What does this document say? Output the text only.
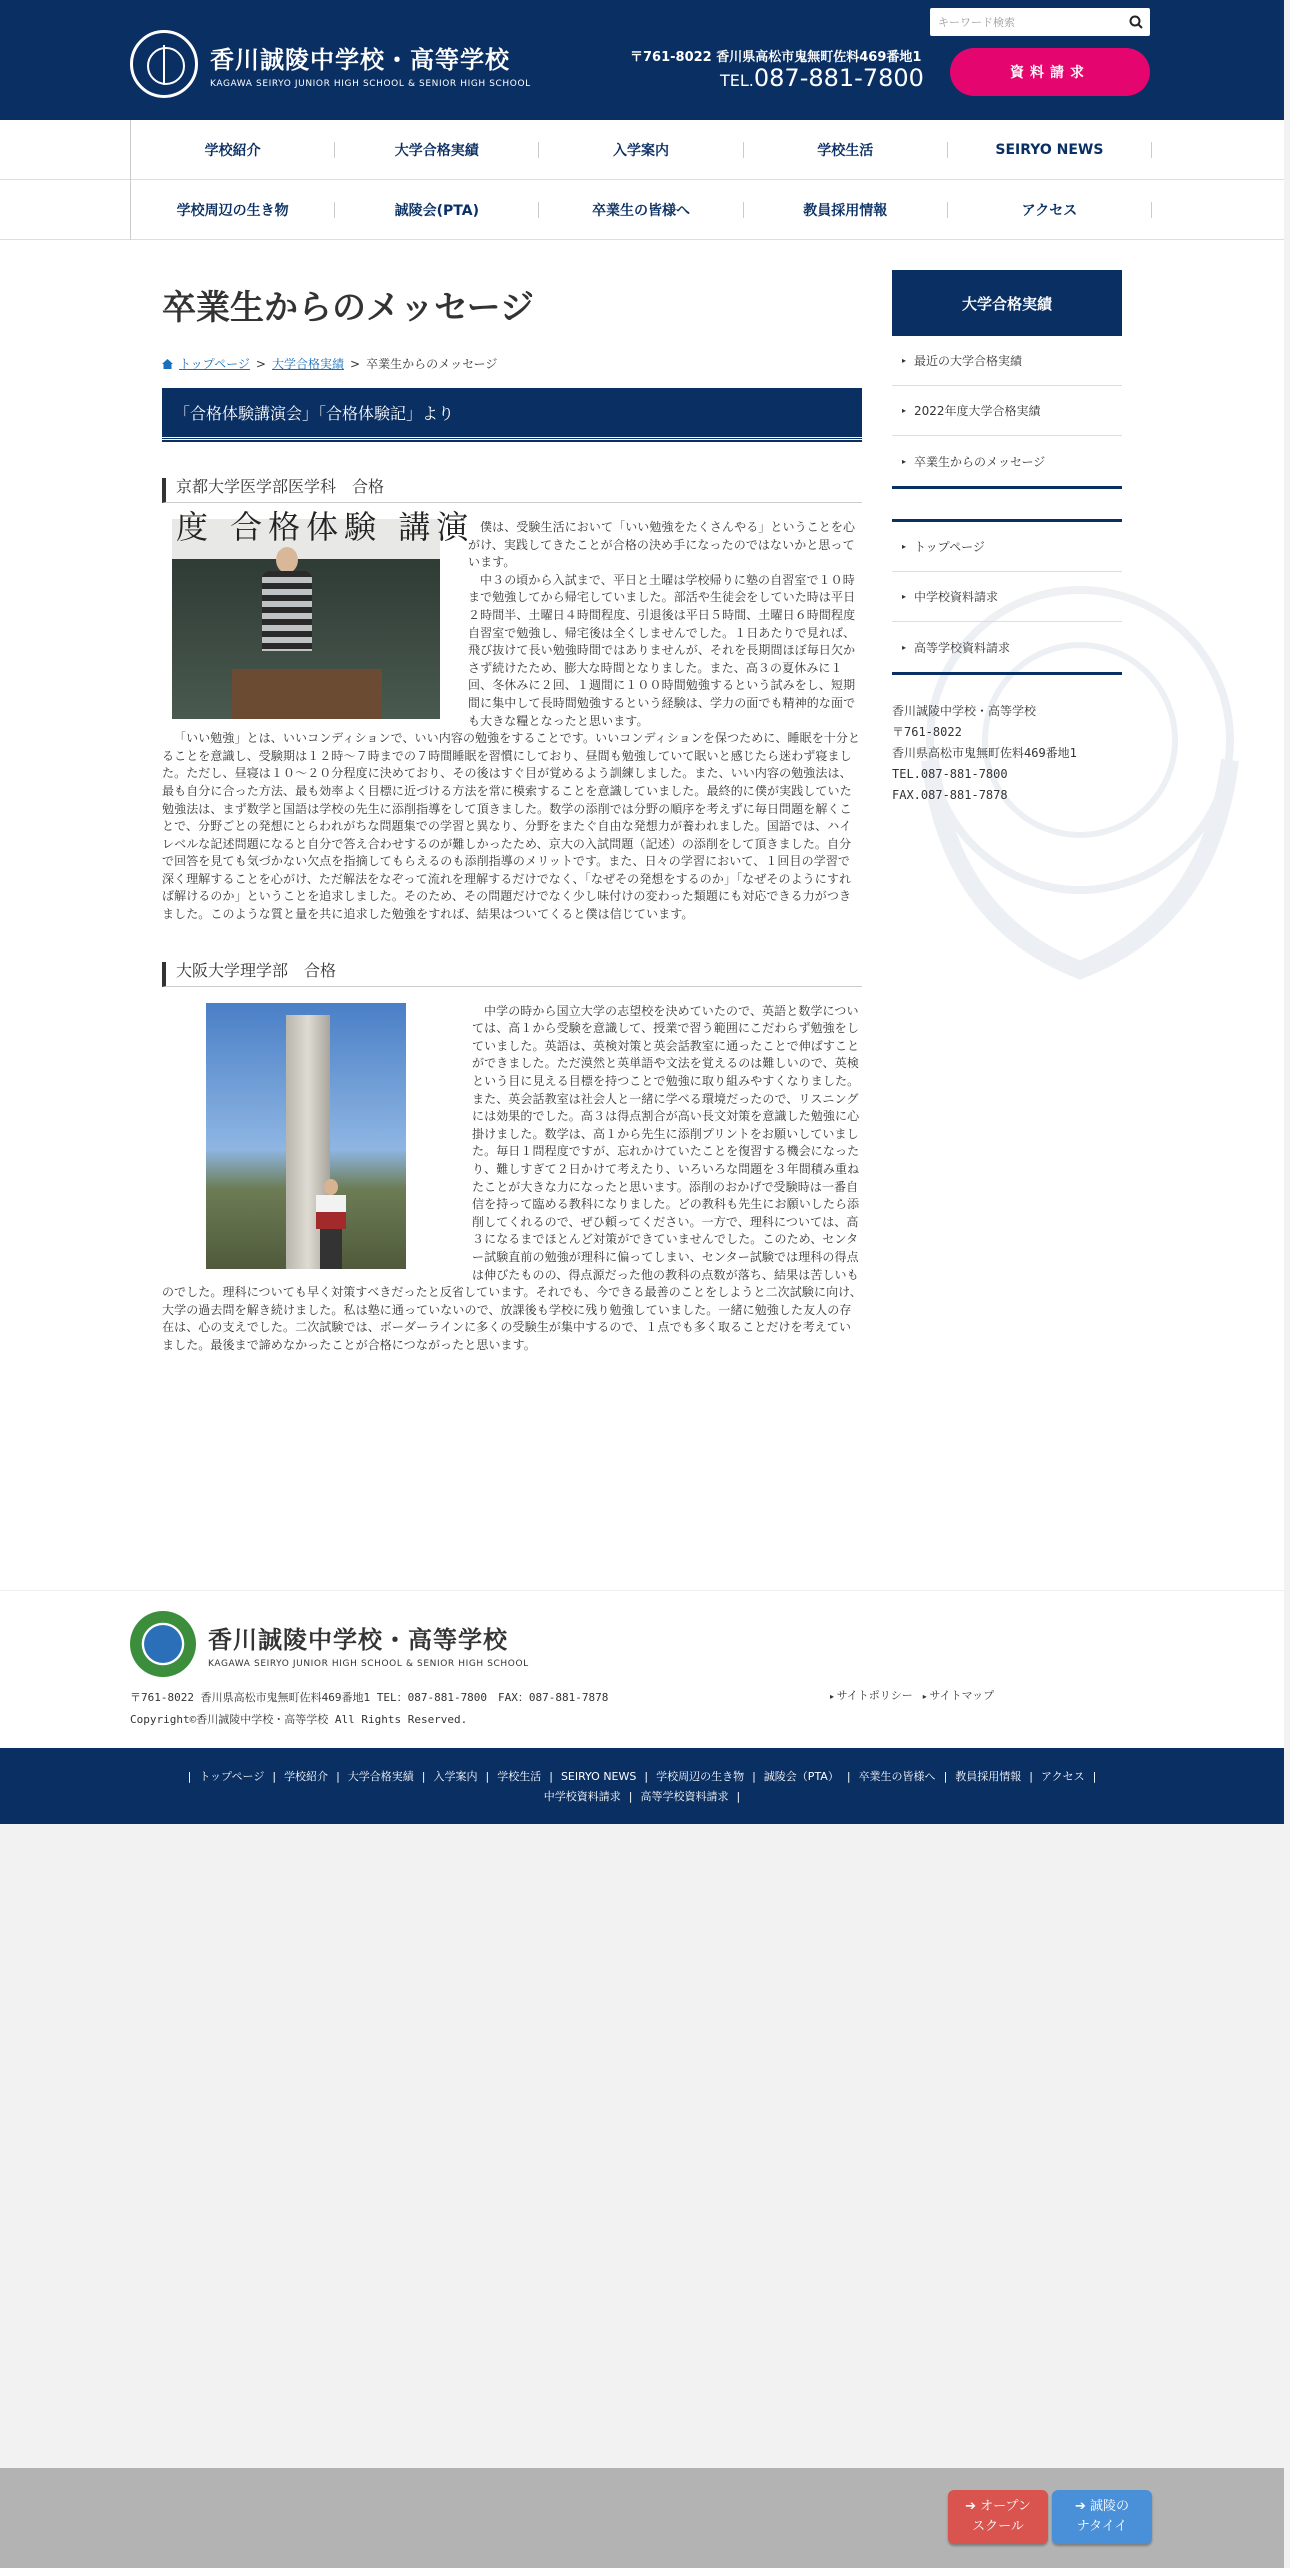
香川誠陵中学校・高等学校
KAGAWA SEIRYO JUNIOR HIGH SCHOOL & SENIOR HIGH SCHOOL
キーワード検索
〒761-8022 香川県高松市鬼無町佐料469番地1
TEL.087-881-7800	資料請求
学校紹介	大学合格実績	入学案内	学校生活	SEIRYO NEWS
学校周辺の生き物	誠陵会(PTA)	卒業生の皆様へ	教員採用情報	アクセス
卒業生からのメッセージ
トップページ > 大学合格実績 > 卒業生からのメッセージ
「合格体験講演会」「合格体験記」より
京都大学医学部医学科　合格
度 合格体験 講演 僕は、受験生活において「いい勉強をたくさんやる」ということを心がけ、実践してきたことが合格の決め手になったのではないかと思っています。

中３の頃から入試まで、平日と土曜は学校帰りに塾の自習室で１０時まで勉強してから帰宅していました。部活や生徒会をしていた時は平日２時間半、土曜日４時間程度、引退後は平日５時間、土曜日６時間程度自習室で勉強し、帰宅後は全くしませんでした。１日あたりで見れば、飛び抜けて長い勉強時間ではありませんが、それを長期間ほぼ毎日欠かさず続けたため、膨大な時間となりました。また、高３の夏休みに１回、冬休みに２回、１週間に１００時間勉強するという試みをし、短期間に集中して長時間勉強するという経験は、学力の面でも精神的な面でも大きな糧となったと思います。

「いい勉強」とは、いいコンディションで、いい内容の勉強をすることです。いいコンディションを保つために、睡眠を十分とることを意識し、受験期は１２時～７時までの７時間睡眠を習慣にしており、昼間も勉強していて眠いと感じたら迷わず寝ました。ただし、昼寝は１０～２０分程度に決めており、その後はすぐ目が覚めるよう訓練しました。また、いい内容の勉強法は、最も自分に合った方法、最も効率よく目標に近づける方法を常に模索することを意識していました。最終的に僕が実践していた勉強法は、まず数学と国語は学校の先生に添削指導をして頂きました。数学の添削では分野の順序を考えずに毎日問題を解くことで、分野ごとの発想にとらわれがちな問題集での学習と異なり、分野をまたぐ自由な発想力が養われました。国語では、ハイレベルな記述問題になると自分で答え合わせするのが難しかったため、京大の入試問題（記述）の添削をして頂きました。自分で回答を見ても気づかない欠点を指摘してもらえるのも添削指導のメリットです。また、日々の学習において、１回目の学習で深く理解することを心がけ、ただ解法をなぞって流れを理解するだけでなく、「なぜその発想をするのか」「なぜそのようにすれば解けるのか」ということを追求しました。そのため、その問題だけでなく少し味付けの変わった類題にも対応できる力がつきました。このような質と量を共に追求した勉強をすれば、結果はついてくると僕は信じています。

大阪大学理学部　合格

中学の時から国立大学の志望校を決めていたので、英語と数学については、高１から受験を意識して、授業で習う範囲にこだわらず勉強をしていました。英語は、英検対策と英会話教室に通ったことで伸ばすことができました。ただ漠然と英単語や文法を覚えるのは難しいので、英検という目に見える目標を持つことで勉強に取り組みやすくなりました。また、英会話教室は社会人と一緒に学べる環境だったので、リスニングには効果的でした。高３は得点割合が高い長文対策を意識した勉強に心掛けました。数学は、高１から先生に添削プリントをお願いしていました。毎日１問程度ですが、忘れかけていたことを復習する機会になったり、難しすぎて２日かけて考えたり、いろいろな問題を３年間積み重ねたことが大きな力になったと思います。添削のおかげで受験時は一番自信を持って臨める教科になりました。どの教科も先生にお願いしたら添削してくれるので、ぜひ頼ってください。一方で、理科については、高３になるまでほとんど対策ができていませんでした。このため、センター試験直前の勉強が理科に偏ってしまい、センター試験では理科の得点は伸びたものの、得点源だった他の教科の点数が落ち、結果は苦しいものでした。理科についても早く対策すべきだったと反省しています。それでも、今できる最善のことをしようと二次試験に向け、大学の過去問を解き続けました。私は塾に通っていないので、放課後も学校に残り勉強していました。一緒に勉強した友人の存在は、心の支えでした。二次試験では、ボーダーラインに多くの受験生が集中するので、１点でも多く取ることだけを考えていました。最後まで諦めなかったことが合格につながったと思います。

大学合格実績
▸ 最近の大学合格実績
▸ 2022年度大学合格実績
▸ 卒業生からのメッセージ
▸ トップページ
▸ 中学校資料請求
▸ 高等学校資料請求
香川誠陵中学校・高等学校
〒761-8022
香川県高松市鬼無町佐料469番地1
TEL.087-881-7800
FAX.087-881-7878
香川誠陵中学校・高等学校
KAGAWA SEIRYO JUNIOR HIGH SCHOOL & SENIOR HIGH SCHOOL
〒761-8022 香川県高松市鬼無町佐料469番地1 TEL：087-881-7800　FAX：087-881-7878
Copyright©香川誠陵中学校・高等学校 All Rights Reserved.
▸ サイトポリシー	▸ サイトマップ
| トップページ | 学校紹介 | 大学合格実績 | 入学案内 | 学校生活 | SEIRYO NEWS | 学校周辺の生き物 | 誠陵会（PTA） | 卒業生の皆様へ | 教員採用情報 | アクセス |
中学校資料請求 | 高等学校資料請求 |
➔ オープン
スクール
➔ 誠陵の
ナタイイ
